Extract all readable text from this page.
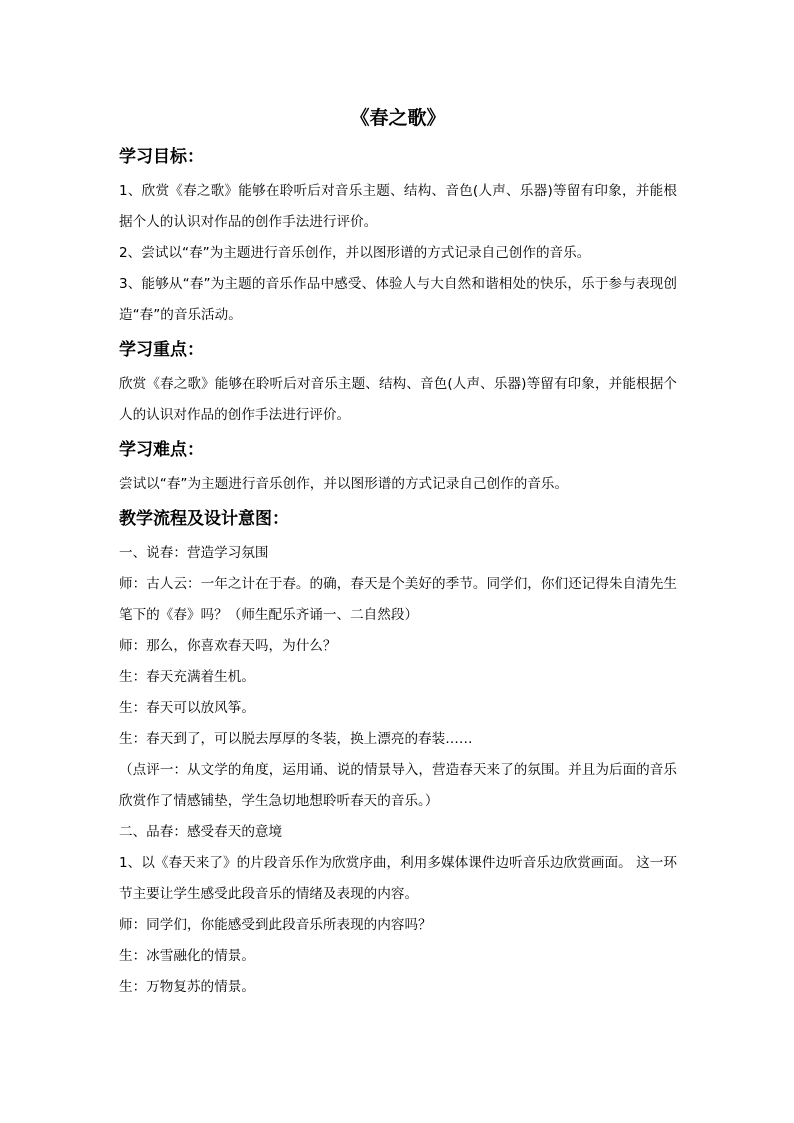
《春之歌》
学习目标：

1、欣赏《春之歌》能够在聆听后对音乐主题、结构、音色(人声、乐器)等留有印象，并能根据个人的认识对作品的创作手法进行评价。

2、尝试以“春”为主题进行音乐创作，并以图形谱的方式记录自己创作的音乐。

3、能够从“春”为主题的音乐作品中感受、体验人与大自然和谐相处的快乐，乐于参与表现创造“春”的音乐活动。

学习重点：

欣赏《春之歌》能够在聆听后对音乐主题、结构、音色(人声、乐器)等留有印象，并能根据个人的认识对作品的创作手法进行评价。

学习难点：

尝试以“春”为主题进行音乐创作，并以图形谱的方式记录自己创作的音乐。

教学流程及设计意图：

一、说春：营造学习氛围

师：古人云：一年之计在于春。的确，春天是个美好的季节。同学们，你们还记得朱自清先生笔下的《春》吗？（师生配乐齐诵一、二自然段）

师：那么，你喜欢春天吗，为什么？

生：春天充满着生机。

生：春天可以放风筝。

生：春天到了，可以脱去厚厚的冬装，换上漂亮的春装……

（点评一：从文学的角度，运用诵、说的情景导入，营造春天来了的氛围。并且为后面的音乐欣赏作了情感铺垫，学生急切地想聆听春天的音乐。）

二、品春：感受春天的意境

1、以《春天来了》的片段音乐作为欣赏序曲，利用多媒体课件边听音乐边欣赏画面。 这一环节主要让学生感受此段音乐的情绪及表现的内容。

师：同学们，你能感受到此段音乐所表现的内容吗？

生：冰雪融化的情景。

生：万物复苏的情景。
